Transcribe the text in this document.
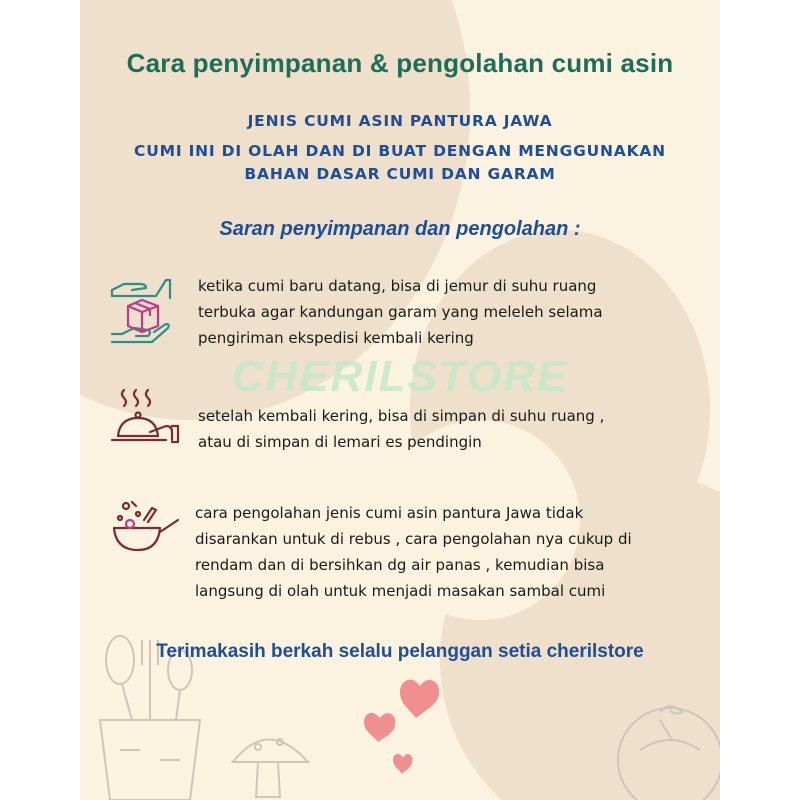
Cara penyimpanan & pengolahan cumi asin

JENIS CUMI ASIN PANTURA JAWA

CUMI INI DI OLAH DAN DI BUAT DENGAN MENGGUNAKAN

BAHAN DASAR CUMI DAN GARAM

Saran penyimpanan dan pengolahan :
CHERILSTORE

ketika cumi baru datang, bisa di jemur di suhu ruang
terbuka agar kandungan garam yang meleleh selama
pengiriman ekspedisi kembali kering

setelah kembali kering, bisa di simpan di suhu ruang ,
atau di simpan di lemari es pendingin

cara pengolahan jenis cumi asin pantura Jawa tidak
disarankan untuk di rebus , cara pengolahan nya cukup di
rendam dan di bersihkan dg air panas , kemudian bisa
langsung di olah untuk menjadi masakan sambal cumi

Terimakasih berkah selalu pelanggan setia cherilstore
